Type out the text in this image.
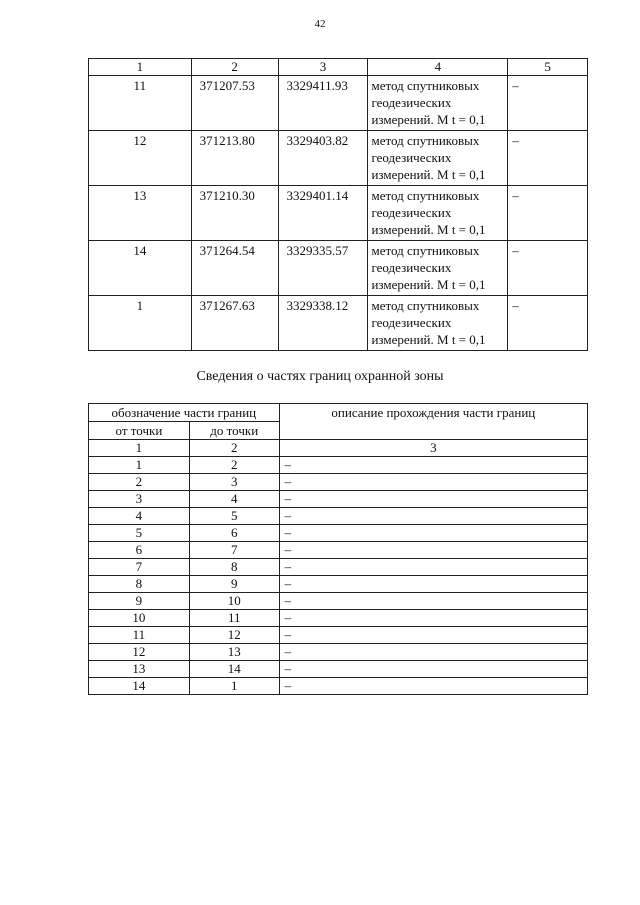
42
1	2	3	4	5
11	371207.53	3329411.93	метод спутниковых
геодезических
измерений. М t = 0,1	–
12	371213.80	3329403.82	метод спутниковых
геодезических
измерений. М t = 0,1	–
13	371210.30	3329401.14	метод спутниковых
геодезических
измерений. М t = 0,1	–
14	371264.54	3329335.57	метод спутниковых
геодезических
измерений. М t = 0,1	–
1	371267.63	3329338.12	метод спутниковых
геодезических
измерений. М t = 0,1	–
Сведения о частях границ охранной зоны
обозначение части границ		описание прохождения части границ
от точки	до точки	
1	2	3
1	2	–
2	3	–
3	4	–
4	5	–
5	6	–
6	7	–
7	8	–
8	9	–
9	10	–
10	11	–
11	12	–
12	13	–
13	14	–
14	1	–
